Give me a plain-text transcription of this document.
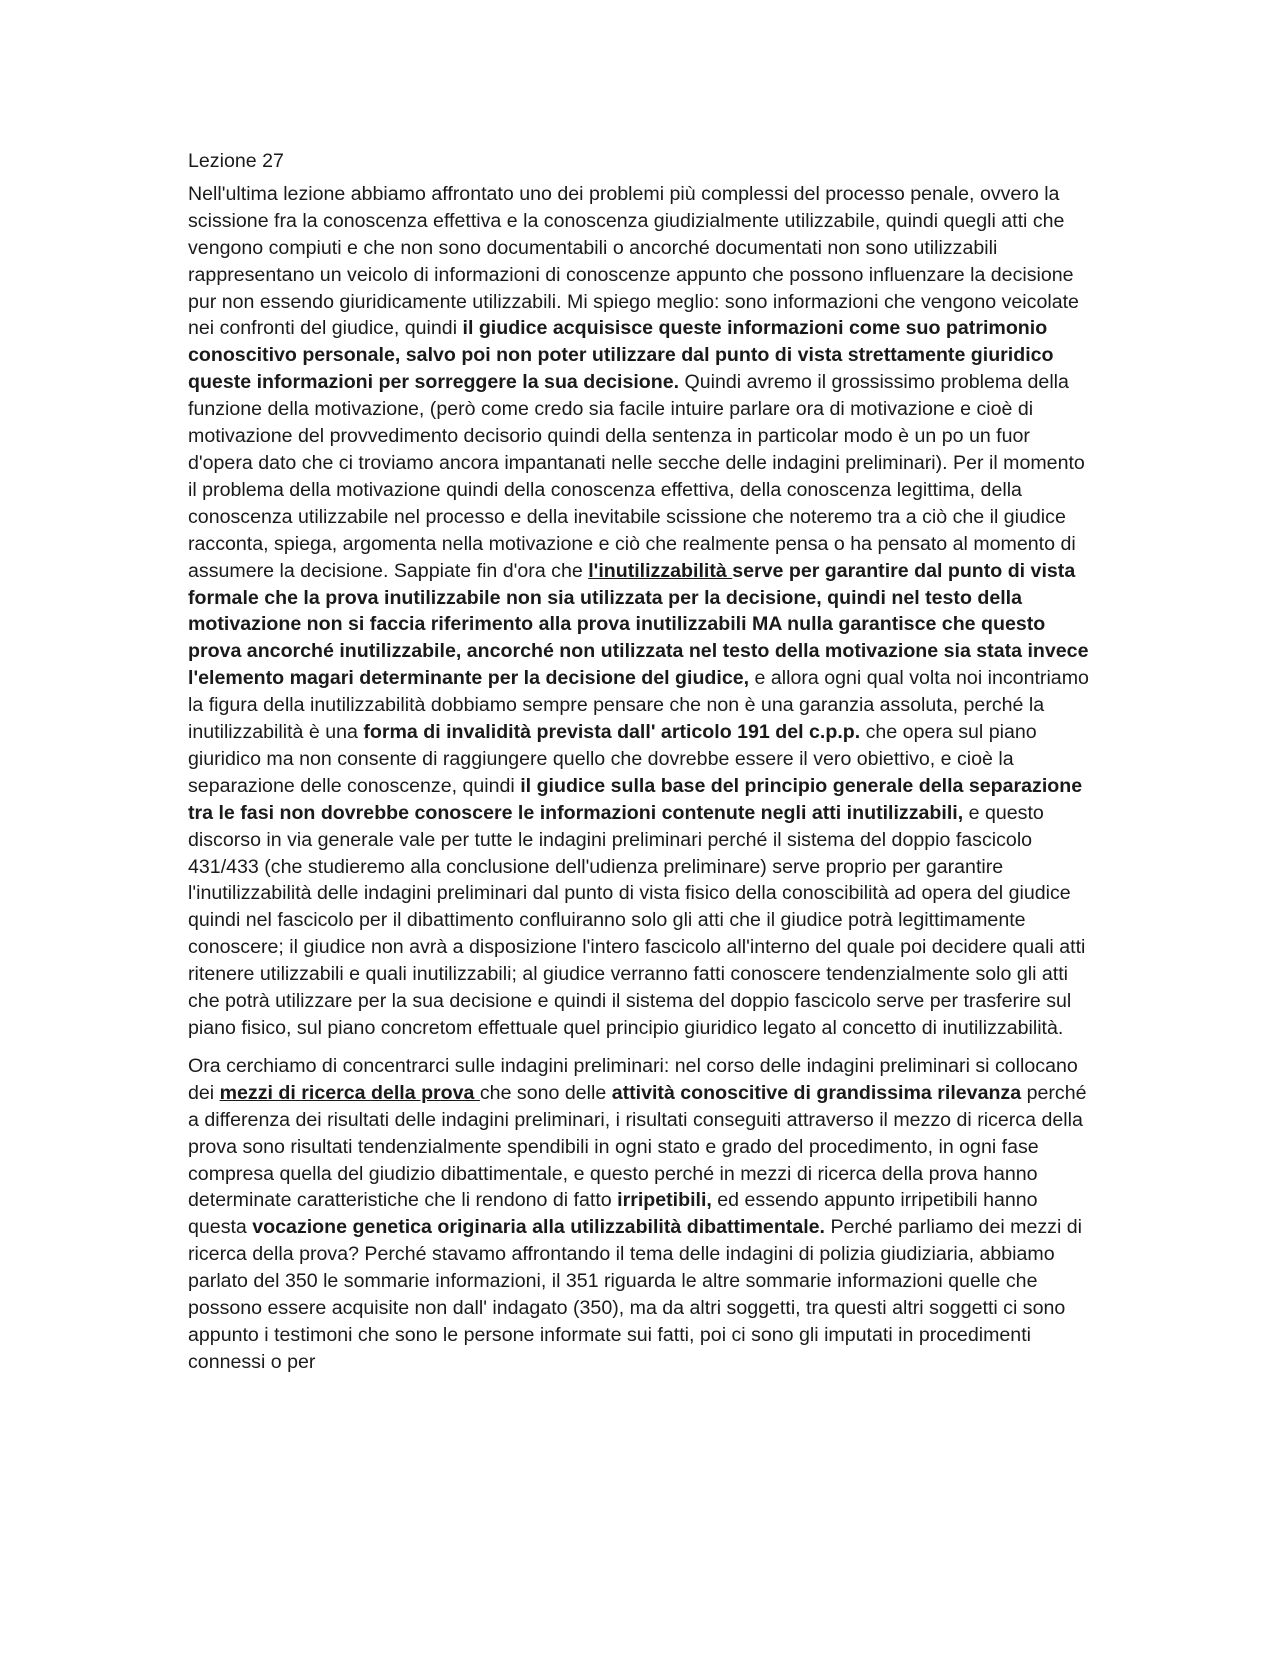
Lezione 27

Nell'ultima lezione abbiamo affrontato uno dei problemi più complessi del processo penale, ovvero la scissione fra la conoscenza effettiva e la conoscenza giudizialmente utilizzabile, quindi quegli atti che vengono compiuti e che non sono documentabili o ancorché documentati non sono utilizzabili rappresentano un veicolo di informazioni di conoscenze appunto che possono influenzare la decisione pur non essendo giuridicamente utilizzabili. Mi spiego meglio: sono informazioni che vengono veicolate nei confronti del giudice, quindi il giudice acquisisce queste informazioni come suo patrimonio conoscitivo personale, salvo poi non poter utilizzare dal punto di vista strettamente giuridico queste informazioni per sorreggere la sua decisione. Quindi avremo il grossissimo problema della funzione della motivazione, (però come credo sia facile intuire parlare ora di motivazione e cioè di motivazione del provvedimento decisorio quindi della sentenza in particolar modo è un po un fuor d'opera dato che ci troviamo ancora impantanati nelle secche delle indagini preliminari). Per il momento il problema della motivazione quindi della conoscenza effettiva, della conoscenza legittima, della conoscenza utilizzabile nel processo e della inevitabile scissione che noteremo tra a ciò che il giudice racconta, spiega, argomenta nella motivazione e ciò che realmente pensa o ha pensato al momento di assumere la decisione. Sappiate fin d'ora che l'inutilizzabilità serve per garantire dal punto di vista formale che la prova inutilizzabile non sia utilizzata per la decisione, quindi nel testo della motivazione non si faccia riferimento alla prova inutilizzabili MA nulla garantisce che questo prova ancorché inutilizzabile, ancorché non utilizzata nel testo della motivazione sia stata invece l'elemento magari determinante per la decisione del giudice, e allora ogni qual volta noi incontriamo la figura della inutilizzabilità dobbiamo sempre pensare che non è una garanzia assoluta, perché la inutilizzabilità è una forma di invalidità prevista dall' articolo 191 del c.p.p. che opera sul piano giuridico ma non consente di raggiungere quello che dovrebbe essere il vero obiettivo, e cioè la separazione delle conoscenze, quindi il giudice sulla base del principio generale della separazione tra le fasi non dovrebbe conoscere le informazioni contenute negli atti inutilizzabili, e questo discorso in via generale vale per tutte le indagini preliminari perché il sistema del doppio fascicolo 431/433 (che studieremo alla conclusione dell'udienza preliminare) serve proprio per garantire l'inutilizzabilità delle indagini preliminari dal punto di vista fisico della conoscibilità ad opera del giudice quindi nel fascicolo per il dibattimento confluiranno solo gli atti che il giudice potrà legittimamente conoscere; il giudice non avrà a disposizione l'intero fascicolo all'interno del quale poi decidere quali atti ritenere utilizzabili e quali inutilizzabili; al giudice verranno fatti conoscere tendenzialmente solo gli atti che potrà utilizzare per la sua decisione e quindi il sistema del doppio fascicolo serve per trasferire sul piano fisico, sul piano concretom effettuale quel principio giuridico legato al concetto di inutilizzabilità.

Ora cerchiamo di concentrarci sulle indagini preliminari: nel corso delle indagini preliminari si collocano dei mezzi di ricerca della prova che sono delle attività conoscitive di grandissima rilevanza perché a differenza dei risultati delle indagini preliminari, i risultati conseguiti attraverso il mezzo di ricerca della prova sono risultati tendenzialmente spendibili in ogni stato e grado del procedimento, in ogni fase compresa quella del giudizio dibattimentale, e questo perché in mezzi di ricerca della prova hanno determinate caratteristiche che li rendono di fatto irripetibili, ed essendo appunto irripetibili hanno questa vocazione genetica originaria alla utilizzabilità dibattimentale. Perché parliamo dei mezzi di ricerca della prova? Perché stavamo affrontando il tema delle indagini di polizia giudiziaria, abbiamo parlato del 350 le sommarie informazioni, il 351 riguarda le altre sommarie informazioni quelle che possono essere acquisite non dall' indagato (350), ma da altri soggetti, tra questi altri soggetti ci sono appunto i testimoni che sono le persone informate sui fatti, poi ci sono gli imputati in procedimenti connessi o per
